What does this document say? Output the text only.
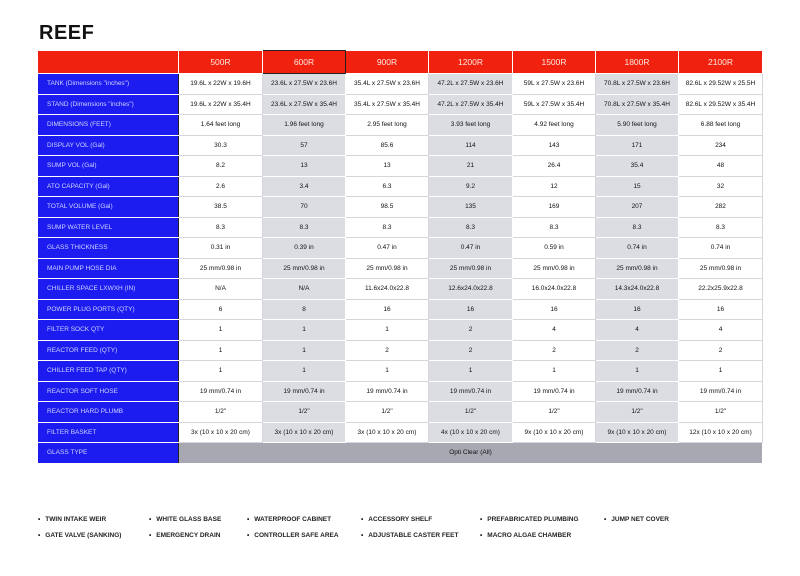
REEF
	500R	600R	900R	1200R	1500R	1800R	2100R
TANK (Dimensions "inches")	19.6L x 22W x 19.6H	23.6L x 27.5W x 23.6H	35.4L x 27.5W x 23.6H	47.2L x 27.5W x 23.6H	59L x 27.5W x 23.6H	70.8L x 27.5W x 23.6H	82.6L x 29.52W x 25.5H
STAND (Dimensions "inches")	19.6L x 22W x 35.4H	23.6L x 27.5W x 35.4H	35.4L x 27.5W x 35.4H	47.2L x 27.5W x 35.4H	59L x 27.5W x 35.4H	70.8L x 27.5W x 35.4H	82.6L x 29.52W x 35.4H
DIMENSIONS (FEET)	1.64 feet long	1.96 feet long	2.95 feet long	3.93 feet long	4.92 feet long	5.90 feet long	6.88 feet long
DISPLAY VOL (Gal)	30.3	57	85.6	114	143	171	234
SUMP VOL (Gal)	8.2	13	13	21	26.4	35.4	48
ATO CAPACITY (Gal)	2.6	3.4	6.3	9.2	12	15	32
TOTAL VOLUME (Gal)	38.5	70	98.5	135	169	207	282
SUMP WATER LEVEL	8.3	8.3	8.3	8.3	8.3	8.3	8.3
GLASS THICKNESS	0.31 in	0.39 in	0.47 in	0.47 in	0.59 in	0.74 in	0.74 in
MAIN PUMP HOSE DIA	25 mm/0.98 in	25 mm/0.98 in	25 mm/0.98 in	25 mm/0.98 in	25 mm/0.98 in	25 mm/0.98 in	25 mm/0.98 in
CHILLER SPACE LXWXH (IN)	N/A	N/A	11.6x24.0x22.8	12.6x24.0x22.8	16.0x24.0x22.8	14.3x24.0x22.8	22.2x25.9x22.8
POWER PLUG PORTS (QTY)	6	8	16	16	16	16	16
FILTER SOCK QTY	1	1	1	2	4	4	4
REACTOR FEED (QTY)	1	1	2	2	2	2	2
CHILLER FEED TAP (QTY)	1	1	1	1	1	1	1
REACTOR SOFT HOSE	19 mm/0.74 in	19 mm/0.74 in	19 mm/0.74 in	19 mm/0.74 in	19 mm/0.74 in	19 mm/0.74 in	19 mm/0.74 in
REACTOR HARD PLUMB	1/2"	1/2"	1/2"	1/2"	1/2"	1/2"	1/2"
FILTER BASKET	3x (10 x 10 x 20 cm)	3x (10 x 10 x 20 cm)	3x (10 x 10 x 20 cm)	4x (10 x 10 x 20 cm)	9x (10 x 10 x 20 cm)	9x (10 x 10 x 20 cm)	12x (10 x 10 x 20 cm)
GLASS TYPE	Opti Clear (All)						
• TWIN INTAKE WEIR	• WHITE GLASS BASE	• WATERPROOF CABINET	• ACCESSORY SHELF	• PREFABRICATED PLUMBING	• JUMP NET COVER
• GATE VALVE (SANKING)	• EMERGENCY DRAIN	• CONTROLLER SAFE AREA	• ADJUSTABLE CASTER FEET	• MACRO ALGAE CHAMBER
